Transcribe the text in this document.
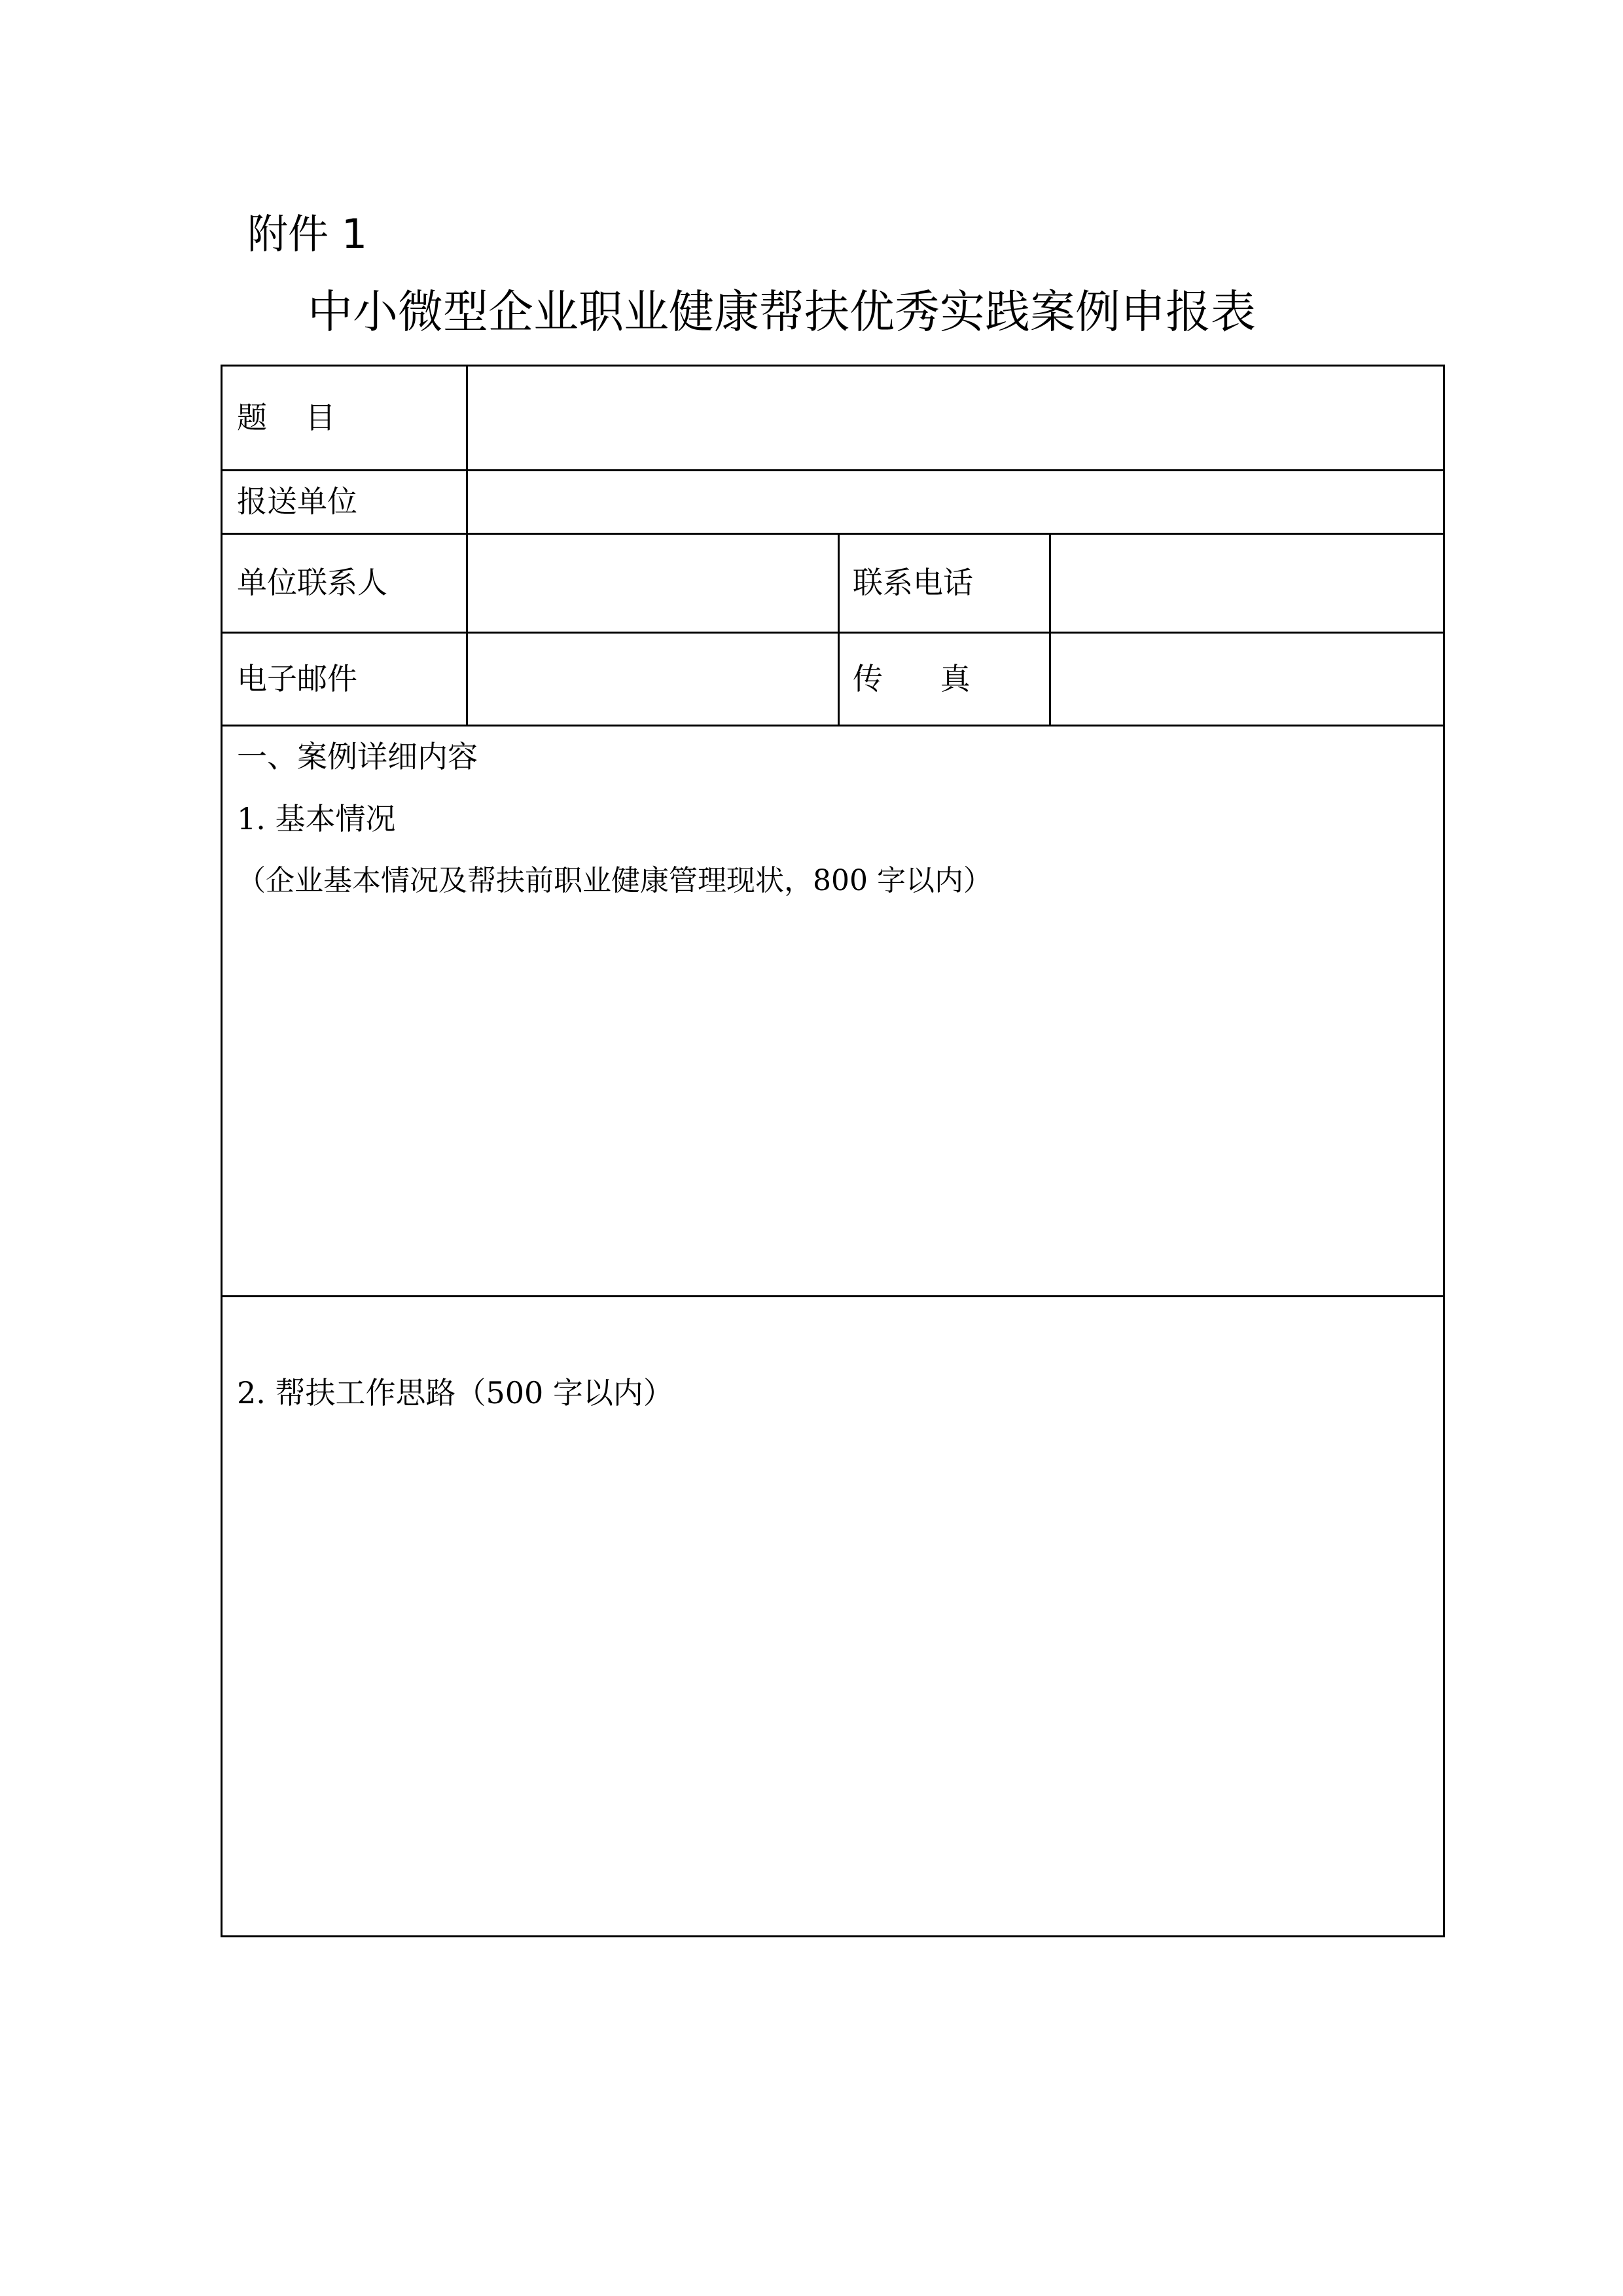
附件 1
中小微型企业职业健康帮扶优秀实践案例申报表
题    目
报送单位
单位联系人	联系电话
电子邮件	传      真
一、案例详细内容
1. 基本情况
（企业基本情况及帮扶前职业健康管理现状，800 字以内）
2. 帮扶工作思路（500 字以内）
